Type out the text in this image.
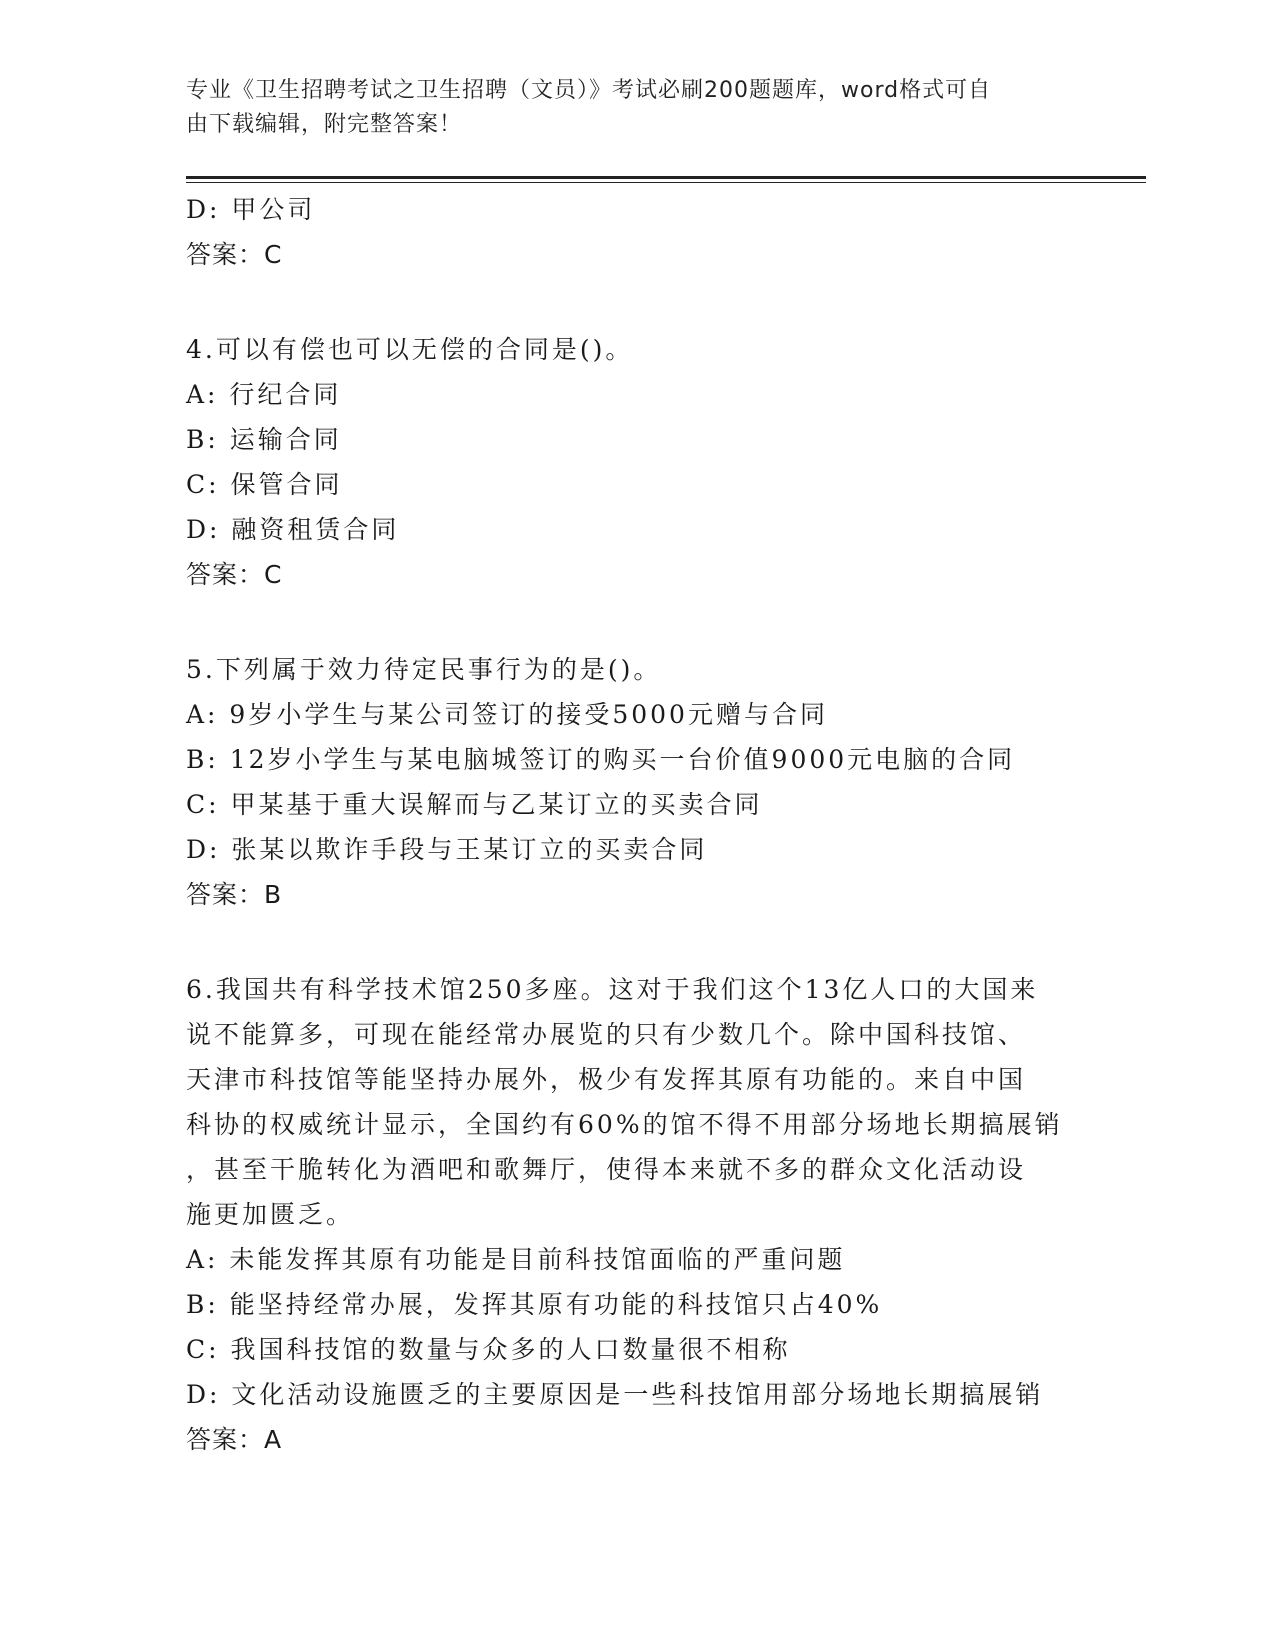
专业《卫生招聘考试之卫生招聘（文员）》考试必刷200题题库，word格式可自
由下载编辑，附完整答案！
D: 甲公司
答案：C
4.可以有偿也可以无偿的合同是()。
A: 行纪合同
B: 运输合同
C: 保管合同
D: 融资租赁合同
答案：C
5.下列属于效力待定民事行为的是()。
A: 9岁小学生与某公司签订的接受5000元赠与合同
B: 12岁小学生与某电脑城签订的购买一台价值9000元电脑的合同
C: 甲某基于重大误解而与乙某订立的买卖合同
D: 张某以欺诈手段与王某订立的买卖合同
答案：B
6.我国共有科学技术馆250多座。这对于我们这个13亿人口的大国来
说不能算多，可现在能经常办展览的只有少数几个。除中国科技馆、
天津市科技馆等能坚持办展外，极少有发挥其原有功能的。来自中国
科协的权威统计显示，全国约有60%的馆不得不用部分场地长期搞展销
，甚至干脆转化为酒吧和歌舞厅，使得本来就不多的群众文化活动设
施更加匮乏。
A: 未能发挥其原有功能是目前科技馆面临的严重问题
B: 能坚持经常办展，发挥其原有功能的科技馆只占40%
C: 我国科技馆的数量与众多的人口数量很不相称
D: 文化活动设施匮乏的主要原因是一些科技馆用部分场地长期搞展销
答案：A
